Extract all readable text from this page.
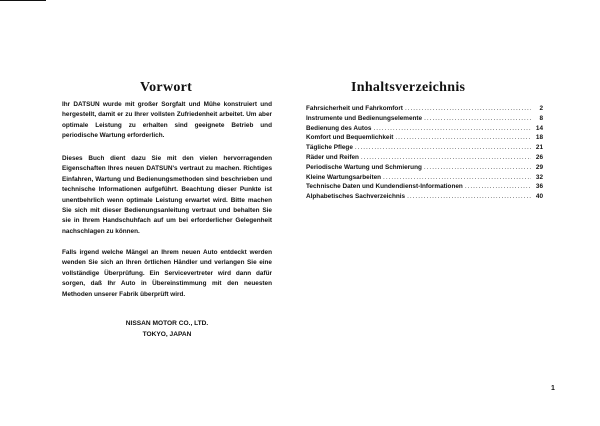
Vorwort

Ihr DATSUN wurde mit großer Sorgfalt und Mühe konstruiert und hergestellt, damit er zu Ihrer vollsten Zufriedenheit arbeitet. Um aber optimale Leistung zu erhalten sind geeignete Betrieb und periodische Wartung erforderlich.

Dieses Buch dient dazu Sie mit den vielen hervorragenden Eigenschaften Ihres neuen DATSUN's vertraut zu machen. Richtiges Einfahren, Wartung und Bedienungsmethoden sind beschrieben und technische Informationen aufgeführt. Beachtung dieser Punkte ist unentbehrlich wenn optimale Leistung erwartet wird. Bitte machen Sie sich mit dieser Bedienungsanleitung vertraut und behalten Sie sie in Ihrem Handschuhfach auf um bei erforderlicher Gelegenheit nachschlagen zu können.

Falls irgend welche Mängel an Ihrem neuen Auto entdeckt werden wenden Sie sich an Ihren örtlichen Händler und verlangen Sie eine vollständige Überprüfung. Ein Servicevertreter wird dann dafür sorgen, daß Ihr Auto in Übereinstimmung mit den neuesten Methoden unserer Fabrik überprüft wird.

NISSAN MOTOR CO., LTD.
TOKYO, JAPAN
Inhaltsverzeichnis
Fahrsicherheit und Fahrkomfort .....	2
Instrumente und Bedienungselemente .....	8
Bedienung des Autos .....	14
Komfort und Bequemlichkeit .....	18
Tägliche Pflege .....	21
Räder und Reifen .....	26
Periodische Wartung und Schmierung .....	29
Kleine Wartungsarbeiten .....	32
Technische Daten und Kundendienst-Informationen .....	36
Alphabetisches Sachverzeichnis .....	40
1
